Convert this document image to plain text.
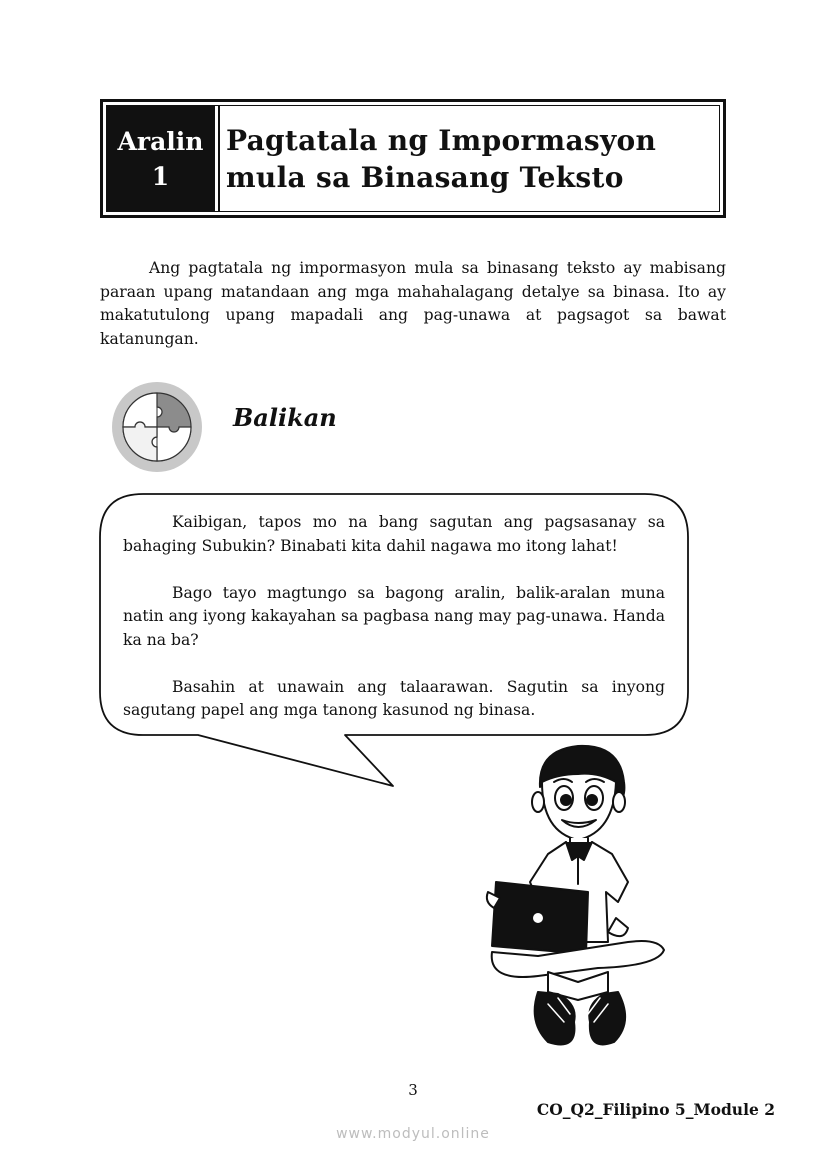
Aralin
1
Pagtatala ng Impormasyon
mula sa Binasang Teksto
Ang pagtatala ng impormasyon mula sa binasang teksto ay mabisang paraan upang matandaan ang mga mahahalagang detalye sa binasa. Ito ay makatutulong upang mapadali ang pag-unawa at pagsagot sa bawat katanungan.
Balikan

Kaibigan, tapos mo na bang sagutan ang pagsasanay sa bahaging Subukin? Binabati kita dahil nagawa mo itong lahat!

Bago tayo magtungo sa bagong aralin, balik-aralan muna natin ang iyong kakayahan sa pagbasa nang may pag-unawa. Handa ka na ba?

Basahin at unawain ang talaarawan. Sagutin sa inyong sagutang papel ang mga tanong kasunod ng binasa.

3
CO_Q2_Filipino 5_Module 2
www.modyul.online
